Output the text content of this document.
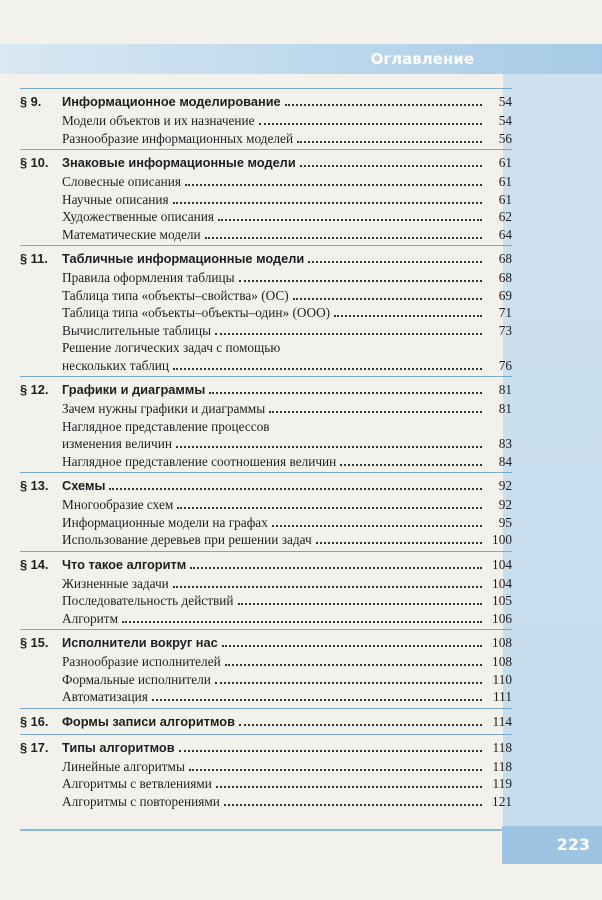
Оглавление
§ 9.	Информационное моделирование	54
Модели объектов и их назначение	54
Разнообразие информационных моделей	56
§ 10.	Знаковые информационные модели	61
Словесные описания	61
Научные описания	61
Художественные описания	62
Математические модели	64
§ 11.	Табличные информационные модели	68
Правила оформления таблицы	68
Таблица типа «объекты–свойства» (ОС)	69
Таблица типа «объекты–объекты–один» (ООО)	71
Вычислительные таблицы	73
Решение логических задач с помощью
нескольких таблиц	76
§ 12.	Графики и диаграммы	81
Зачем нужны графики и диаграммы	81
Наглядное представление процессов
изменения величин	83
Наглядное представление соотношения величин	84
§ 13.	Схемы	92
Многообразие схем	92
Информационные модели на графах	95
Использование деревьев при решении задач	100
§ 14.	Что такое алгоритм	104
Жизненные задачи	104
Последовательность действий	105
Алгоритм	106
§ 15.	Исполнители вокруг нас	108
Разнообразие исполнителей	108
Формальные исполнители	110
Автоматизация	111
§ 16.	Формы записи алгоритмов	114
§ 17.	Типы алгоритмов	118
Линейные алгоритмы	118
Алгоритмы с ветвлениями	119
Алгоритмы с повторениями	121
223
